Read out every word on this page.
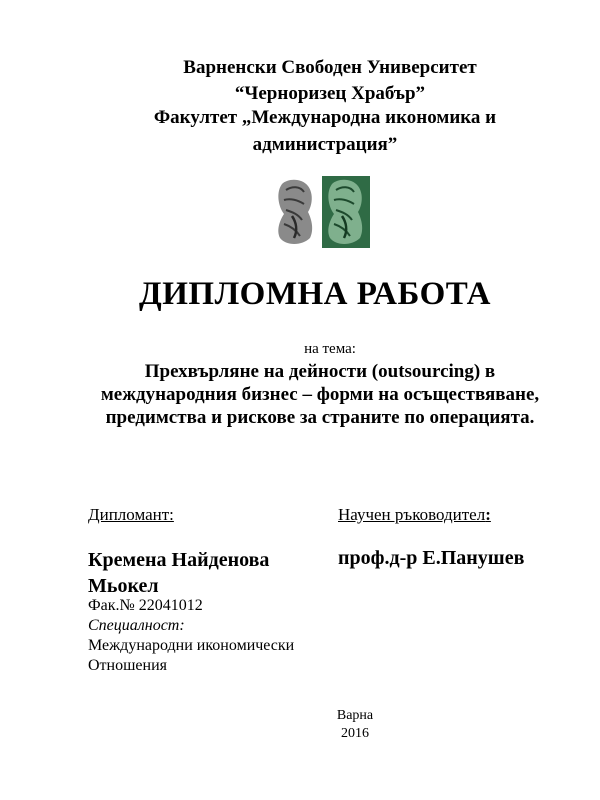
Варненски Свободен Университет
“Черноризец Храбър”
Факултет „Международна икономика и администрация”
ДИПЛОМНА РАБОТА
на тема:
Прехвърляне на дейности (outsourcing) в международния бизнес – форми на осъществяване, предимства и рискове за страните по операцията.
Дипломант:	Научен ръководител:
Кремена Найденова Мьокел
проф.д-р Е.Панушев
Фак.№ 22041012
Специалност:
Международни икономически
Отношения
Варна
2016
